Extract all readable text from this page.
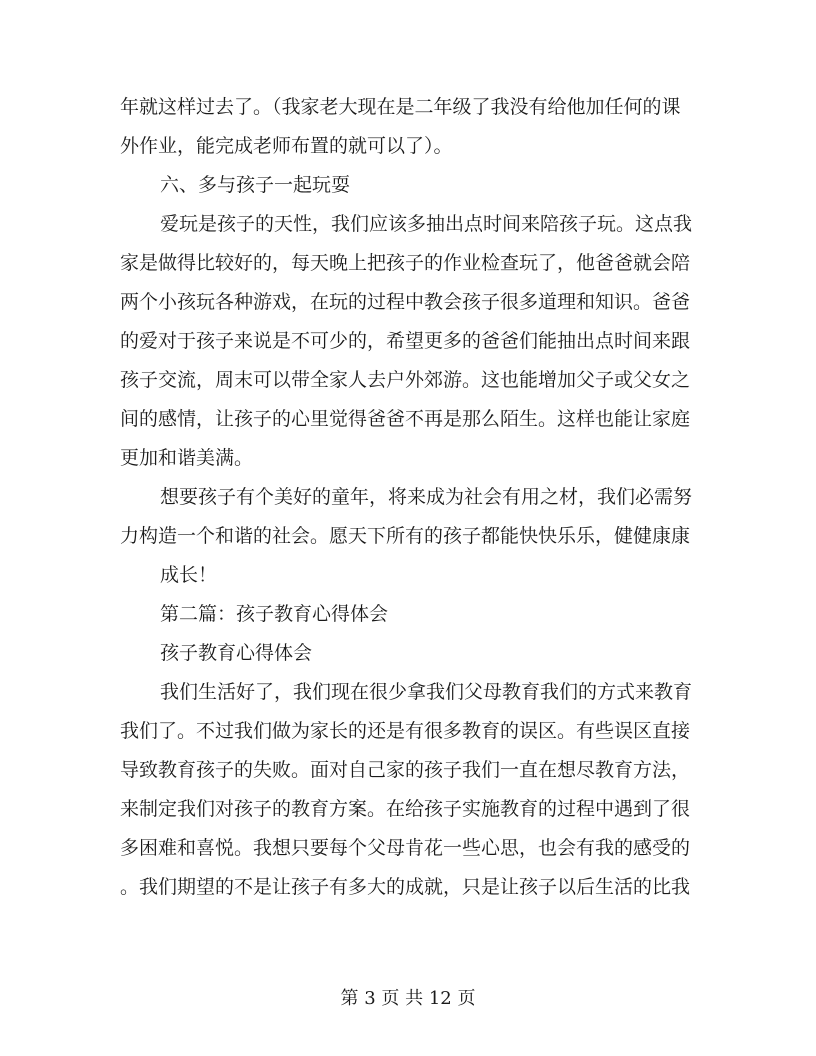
年就这样过去了。（我家老大现在是二年级了我没有给他加任何的课
外作业，能完成老师布置的就可以了）。
六、多与孩子一起玩耍
爱玩是孩子的天性，我们应该多抽出点时间来陪孩子玩。这点我
家是做得比较好的，每天晚上把孩子的作业检查玩了，他爸爸就会陪
两个小孩玩各种游戏，在玩的过程中教会孩子很多道理和知识。爸爸
的爱对于孩子来说是不可少的，希望更多的爸爸们能抽出点时间来跟
孩子交流，周末可以带全家人去户外郊游。这也能增加父子或父女之
间的感情，让孩子的心里觉得爸爸不再是那么陌生。这样也能让家庭
更加和谐美满。
想要孩子有个美好的童年，将来成为社会有用之材，我们必需努
力构造一个和谐的社会。愿天下所有的孩子都能快快乐乐，健健康康
成长！
第二篇：孩子教育心得体会
孩子教育心得体会
我们生活好了，我们现在很少拿我们父母教育我们的方式来教育
我们了。不过我们做为家长的还是有很多教育的误区。有些误区直接
导致教育孩子的失败。面对自己家的孩子我们一直在想尽教育方法，
来制定我们对孩子的教育方案。在给孩子实施教育的过程中遇到了很
多困难和喜悦。我想只要每个父母肯花一些心思，也会有我的感受的
。我们期望的不是让孩子有多大的成就，只是让孩子以后生活的比我
第 3 页 共 12 页
